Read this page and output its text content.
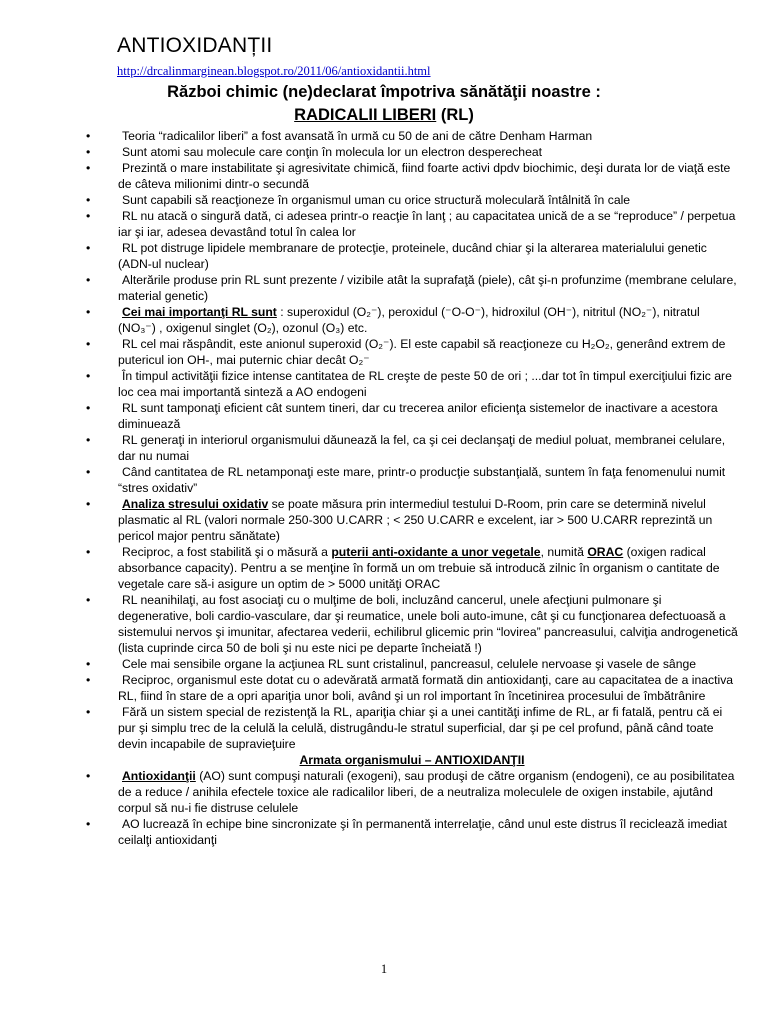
ANTIOXIDANȚII
http://drcalinmarginean.blogspot.ro/2011/06/antioxidantii.html
Război chimic (ne)declarat împotriva sănătăţii noastre :
RADICALII LIBERI (RL)
• Teoria “radicalilor liberi” a fost avansată în urmă cu 50 de ani de către Denham Harman
• Sunt atomi sau molecule care conţin în molecula lor un electron desperecheat
• Prezintă o mare instabilitate şi agresivitate chimică, fiind foarte activi dpdv biochimic, deşi durata lor de viaţă este de câteva milionimi dintr-o secundă
• Sunt capabili să reacţioneze în organismul uman cu orice structură moleculară întâlnită în cale
• RL nu atacă o singură dată, ci adesea printr-o reacţie în lanţ ; au capacitatea unică de a se “reproduce” / perpetua iar şi iar, adesea devastând totul în calea lor
• RL pot distruge lipidele membranare de protecţie, proteinele, ducând chiar şi la alterarea materialului genetic (ADN-ul nuclear)
• Alterările produse prin RL sunt prezente / vizibile atât la suprafaţă (piele), cât şi-n profunzime (membrane celulare, material genetic)
• Cei mai importanţi RL sunt : superoxidul (O₂⁻), peroxidul (⁻O-O⁻), hidroxilul (OH⁻), nitritul (NO₂⁻), nitratul (NO₃⁻) , oxigenul singlet (O₂), ozonul (O₃) etc.
• RL cel mai răspândit, este anionul superoxid (O₂⁻). El este capabil să reacţioneze cu H₂O₂, generând extrem de putericul ion OH-, mai puternic chiar decât O₂⁻
• În timpul activităţii fizice intense cantitatea de RL creşte de peste 50 de ori ; ...dar tot în timpul exerciţiului fizic are loc cea mai importantă sinteză a AO endogeni
• RL sunt tamponaţi eficient cât suntem tineri, dar cu trecerea anilor eficienţa sistemelor de inactivare a acestora diminuează
• RL generaţi in interiorul organismului dăunează la fel, ca şi cei declanşaţi de mediul poluat, membranei celulare, dar nu numai
• Când cantitatea de RL netamponaţi este mare, printr-o producţie substanţială, suntem în faţa fenomenului numit “stres oxidativ”
• Analiza stresului oxidativ se poate măsura prin intermediul testului D-Room, prin care se determină nivelul plasmatic al RL (valori normale 250-300 U.CARR ; < 250 U.CARR e excelent, iar > 500 U.CARR reprezintă un pericol major pentru sănătate)
• Reciproc, a fost stabilită şi o măsură a puterii anti-oxidante a unor vegetale, numită ORAC (oxigen radical absorbance capacity). Pentru a se menţine în formă un om trebuie să introducă zilnic în organism o cantitate de vegetale care să-i asigure un optim de > 5000 unităţi ORAC
• RL neanihilaţi, au fost asociaţi cu o mulţime de boli, incluzând cancerul, unele afecţiuni pulmonare şi degenerative, boli cardio-vasculare, dar şi reumatice, unele boli auto-imune, cât şi cu funcţionarea defectuoasă a sistemului nervos şi imunitar, afectarea vederii, echilibrul glicemic prin “lovirea” pancreasului, calviţia androgenetică (lista cuprinde circa 50 de boli şi nu este nici pe departe încheiată !)
• Cele mai sensibile organe la acţiunea RL sunt cristalinul, pancreasul, celulele nervoase şi vasele de sânge
• Reciproc, organismul este dotat cu o adevărată armată formată din antioxidanţi, care au capacitatea de a inactiva RL, fiind în stare de a opri apariţia unor boli, având şi un rol important în încetinirea procesului de îmbătrânire
• Fără un sistem special de rezistenţă la RL, apariţia chiar şi a unei cantităţi infime de RL, ar fi fatală, pentru că ei pur şi simplu trec de la celulă la celulă, distrugându-le stratul superficial, dar şi pe cel profund, până când toate devin incapabile de supravieţuire
Armata organismului – ANTIOXIDANŢII
• Antioxidanţii (AO) sunt compuşi naturali (exogeni), sau produşi de către organism (endogeni), ce au posibilitatea de a reduce / anihila efectele toxice ale radicalilor liberi, de a neutraliza moleculele de oxigen instabile, ajutând corpul să nu-i fie distruse celulele
• AO lucrează în echipe bine sincronizate şi în permanentă interrelaţie, când unul este distrus îl reciclează imediat ceilalţi antioxidanţi
1
